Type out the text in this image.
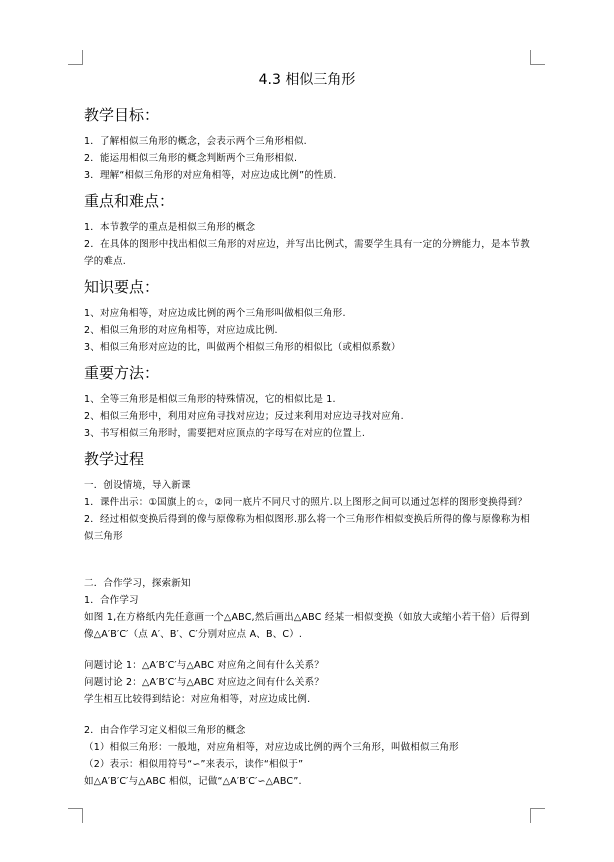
4.3 相似三角形
教学目标：

1．了解相似三角形的概念，会表示两个三角形相似.

2．能运用相似三角形的概念判断两个三角形相似.

3．理解“相似三角形的对应角相等，对应边成比例”的性质.

重点和难点：

1．本节教学的重点是相似三角形的概念

2．在具体的图形中找出相似三角形的对应边，并写出比例式，需要学生具有一定的分辨能力，是本节教学的难点.

知识要点：

1、对应角相等，对应边成比例的两个三角形叫做相似三角形.

2、相似三角形的对应角相等，对应边成比例.

3、相似三角形对应边的比，叫做两个相似三角形的相似比（或相似系数）

重要方法：

1、全等三角形是相似三角形的特殊情况，它的相似比是 1.

2、相似三角形中，利用对应角寻找对应边；反过来利用对应边寻找对应角.

3、书写相似三角形时，需要把对应顶点的字母写在对应的位置上.

教学过程

一．创设情境，导入新课

1．课件出示：①国旗上的☆，②同一底片不同尺寸的照片.以上图形之间可以通过怎样的图形变换得到？

2．经过相似变换后得到的像与原像称为相似图形.那么将一个三角形作相似变换后所得的像与原像称为相似三角形

二．合作学习，探索新知

1．合作学习

如图 1,在方格纸内先任意画一个△ABC,然后画出△ABC 经某一相似变换（如放大或缩小若干倍）后得到像△A′B′C′（点 A′、B′、C′分别对应点 A、B、C）.

问题讨论 1：△A′B′C′与△ABC 对应角之间有什么关系？

问题讨论 2：△A′B′C′与△ABC 对应边之间有什么关系？

学生相互比较得到结论：对应角相等，对应边成比例.

2．由合作学习定义相似三角形的概念

（1）相似三角形：一般地，对应角相等，对应边成比例的两个三角形，叫做相似三角形

（2）表示：相似用符号“∽”来表示，读作“相似于”

如△A′B′C′与△ABC 相似，记做“△A′B′C′∽△ABC”.
